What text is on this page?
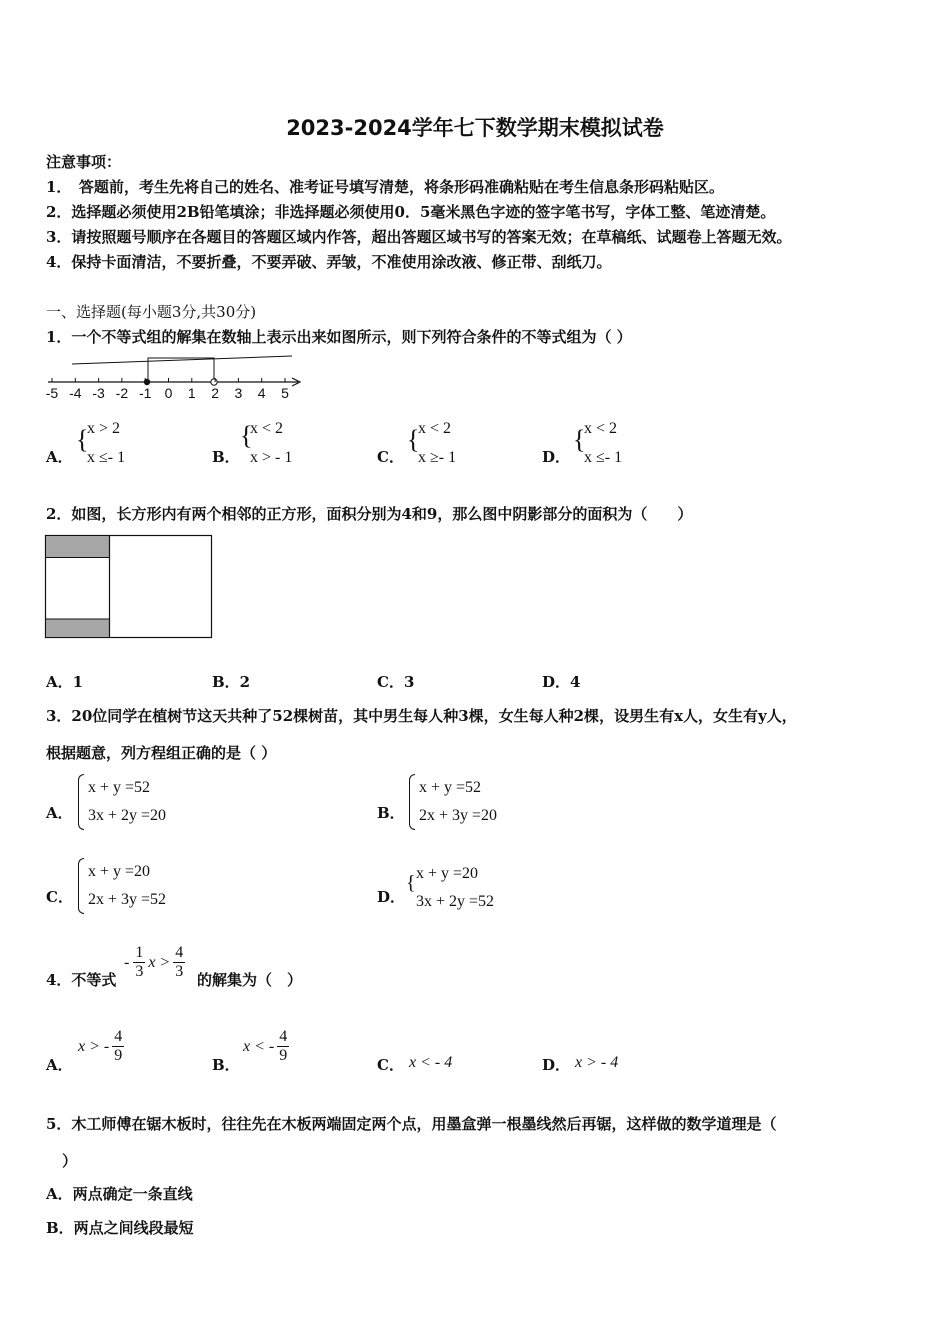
2023-2024学年七下数学期末模拟试卷
注意事项：
1．　答题前，考生先将自己的姓名、准考证号填写清楚，将条形码准确粘贴在考生信息条形码粘贴区。
2．选择题必须使用2B铅笔填涂；非选择题必须使用0．5毫米黑色字迹的签字笔书写，字体工整、笔迹清楚。
3．请按照题号顺序在各题目的答题区域内作答，超出答题区域书写的答案无效；在草稿纸、试题卷上答题无效。
4．保持卡面清洁，不要折叠，不要弄破、弄皱，不准使用涂改液、修正带、刮纸刀。
一、选择题(每小题3分,共30分)
1．一个不等式组的解集在数轴上表示出来如图所示，则下列符合条件的不等式组为（ ）
-5 -4 -3 -2 -1 0	1	2	3	4	5
A．
{
x > 2
x ≤- 1	B．
{
x < 2
x > - 1	C．
{
x < 2
x ≥- 1	D．
{
x < 2
x ≤- 1
2．如图，长方形内有两个相邻的正方形，面积分别为4和9，那么图中阴影部分的面积为（　　）
A．1	B．2	C．3	D．4
3．20位同学在植树节这天共种了52棵树苗，其中男生每人种3棵，女生每人种2棵，设男生有x人，女生有y人，
根据题意，列方程组正确的是（ ）
A．
x + y =52
3x + 2y =20	B．
x + y =52
2x + 3y =20
C．
x + y =20
2x + 3y =52	D．
{ x + y =20
3x + 2y =52
4．不等式
- $\frac{1}{3}$ $x > \frac{4}{3}$ 的解集为（　）
A．
x > - $\frac{4}{9}$	B．
x < - $\frac{4}{9}$	C． x < - 4	D． x > - 4
5．木工师傅在锯木板时，往往先在木板两端固定两个点，用墨盒弹一根墨线然后再锯，这样做的数学道理是（
）
A．两点确定一条直线
B．两点之间线段最短
